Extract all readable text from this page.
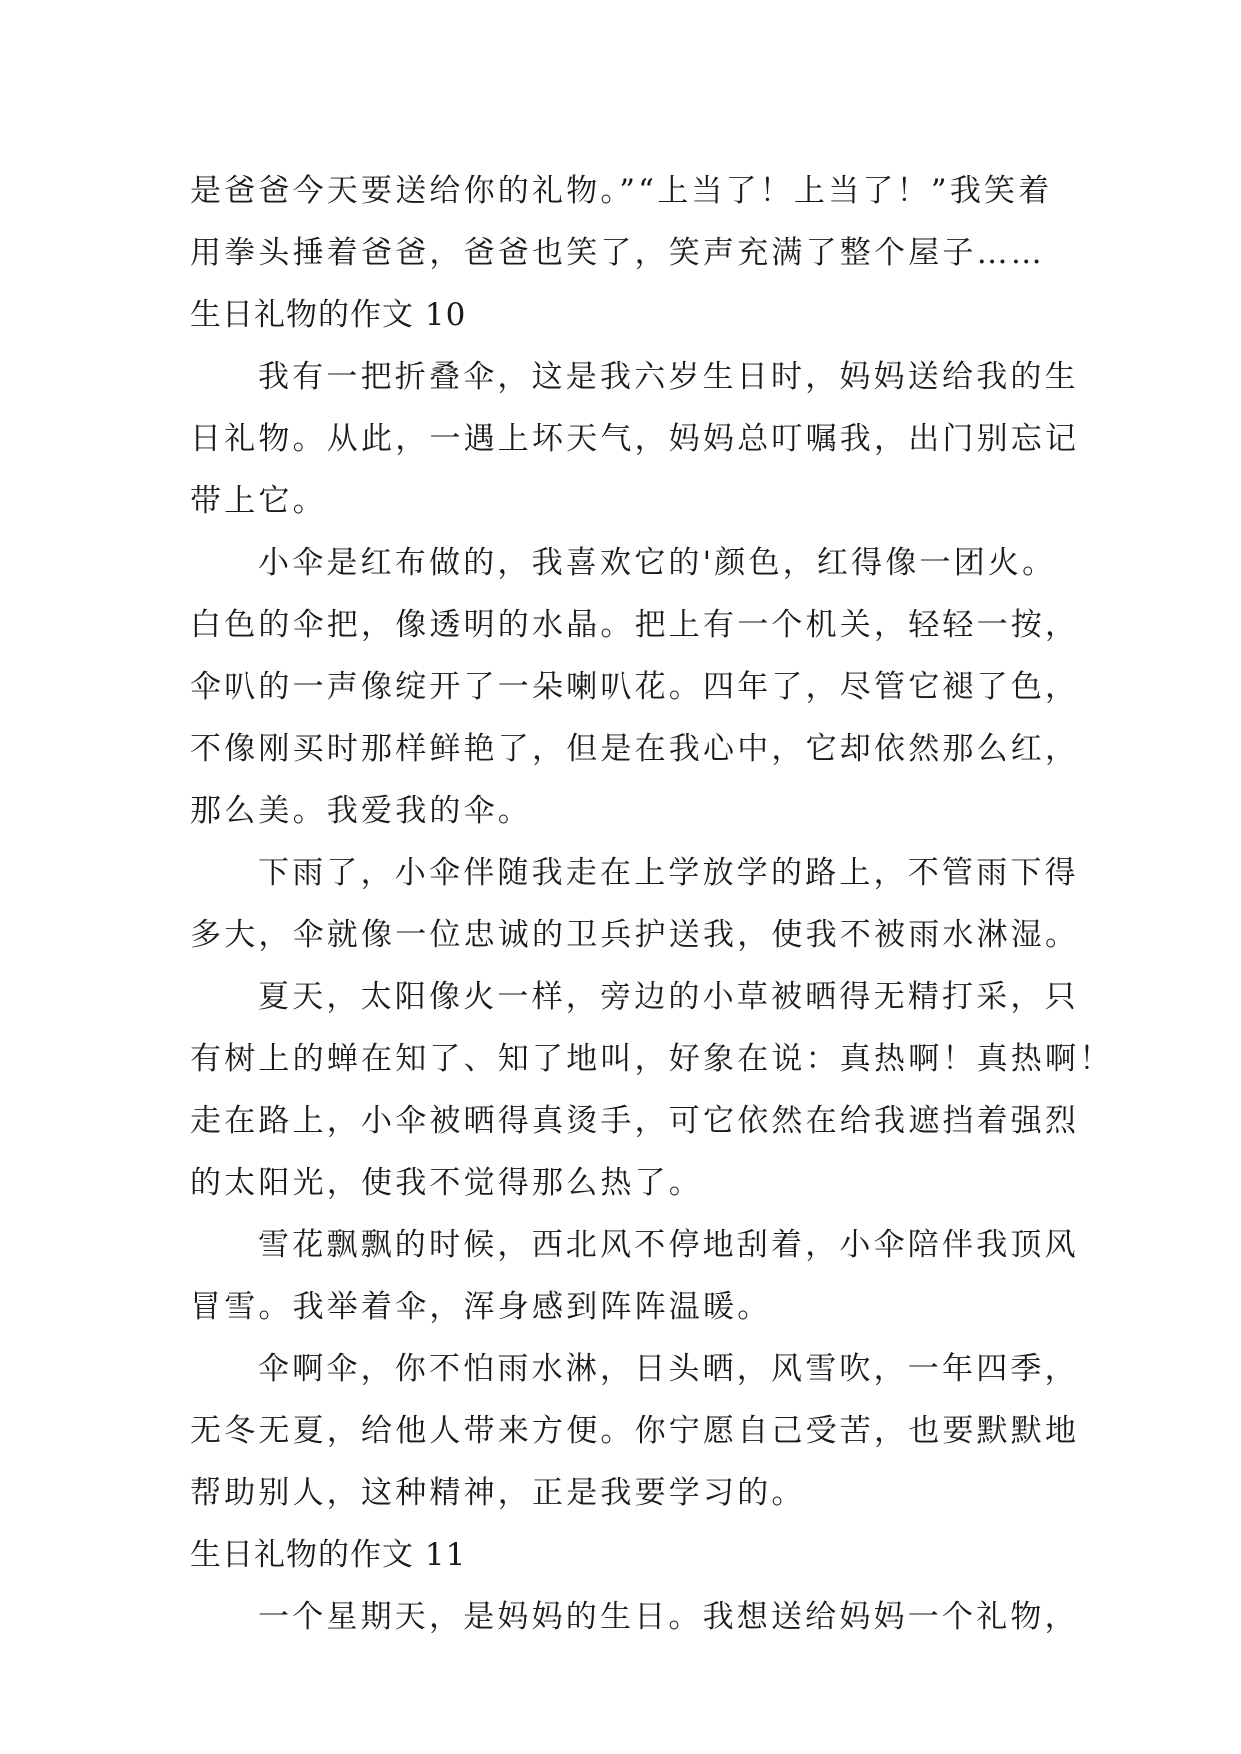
是爸爸今天要送给你的礼物。”“上当了！上当了！”我笑着
用拳头捶着爸爸，爸爸也笑了，笑声充满了整个屋子……
生日礼物的作文 10
我有一把折叠伞，这是我六岁生日时，妈妈送给我的生
日礼物。从此，一遇上坏天气，妈妈总叮嘱我，出门别忘记
带上它。
小伞是红布做的，我喜欢它的'颜色，红得像一团火。
白色的伞把，像透明的水晶。把上有一个机关，轻轻一按，
伞叭的一声像绽开了一朵喇叭花。四年了，尽管它褪了色，
不像刚买时那样鲜艳了，但是在我心中，它却依然那么红，
那么美。我爱我的伞。
下雨了，小伞伴随我走在上学放学的路上，不管雨下得
多大，伞就像一位忠诚的卫兵护送我，使我不被雨水淋湿。
夏天，太阳像火一样，旁边的小草被晒得无精打采，只
有树上的蝉在知了、知了地叫，好象在说：真热啊！真热啊！
走在路上，小伞被晒得真烫手，可它依然在给我遮挡着强烈
的太阳光，使我不觉得那么热了。
雪花飘飘的时候，西北风不停地刮着，小伞陪伴我顶风
冒雪。我举着伞，浑身感到阵阵温暖。
伞啊伞，你不怕雨水淋，日头晒，风雪吹，一年四季，
无冬无夏，给他人带来方便。你宁愿自己受苦，也要默默地
帮助别人，这种精神，正是我要学习的。
生日礼物的作文 11
一个星期天，是妈妈的生日。我想送给妈妈一个礼物，
